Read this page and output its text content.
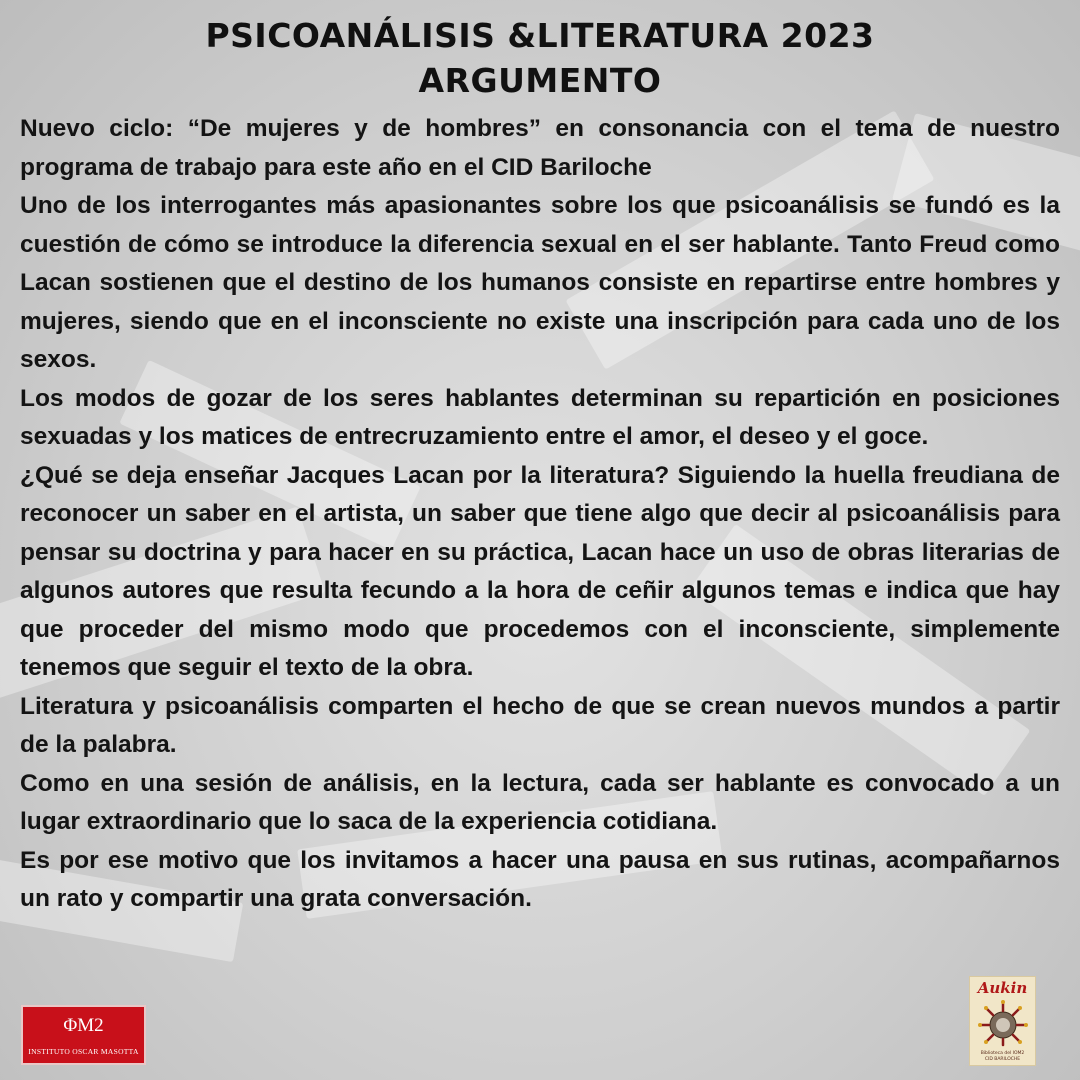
PSICOANÁLISIS &LITERATURA 2023
ARGUMENTO

Nuevo ciclo: “De mujeres y de hombres” en consonancia con el tema de nuestro programa de trabajo para este año en el CID Bariloche

Uno de los interrogantes más apasionantes sobre los que psicoanálisis se fundó es la cuestión de cómo se introduce la diferencia sexual en el ser hablante. Tanto Freud como Lacan sostienen que el destino de los humanos consiste en repartirse entre hombres y mujeres, siendo que en el inconsciente no existe una inscripción para cada uno de los sexos.

Los modos de gozar de los seres hablantes determinan su repartición en posiciones sexuadas y los matices de entrecruzamiento entre el amor, el deseo y el goce.

¿Qué se deja enseñar Jacques Lacan por la literatura? Siguiendo la huella freudiana de reconocer un saber en el artista, un saber que tiene algo que decir al psicoanálisis para pensar su doctrina y para hacer en su práctica, Lacan hace un uso de obras literarias de algunos autores que resulta fecundo a la hora de ceñir algunos temas e indica que hay que proceder del mismo modo que procedemos con el inconsciente, simplemente tenemos que seguir el texto de la obra.

Literatura y psicoanálisis comparten el hecho de que se crean nuevos mundos a partir de la palabra.

Como en una sesión de análisis, en la lectura, cada ser hablante es convocado a un lugar extraordinario que lo saca de la experiencia cotidiana.

Es por ese motivo que los invitamos a hacer una pausa en sus rutinas, acompañarnos un rato y compartir una grata conversación.

ΦM2
INSTITUTO OSCAR MASOTTA
Aukin
Biblioteca del IOM2
CID BARILOCHE
